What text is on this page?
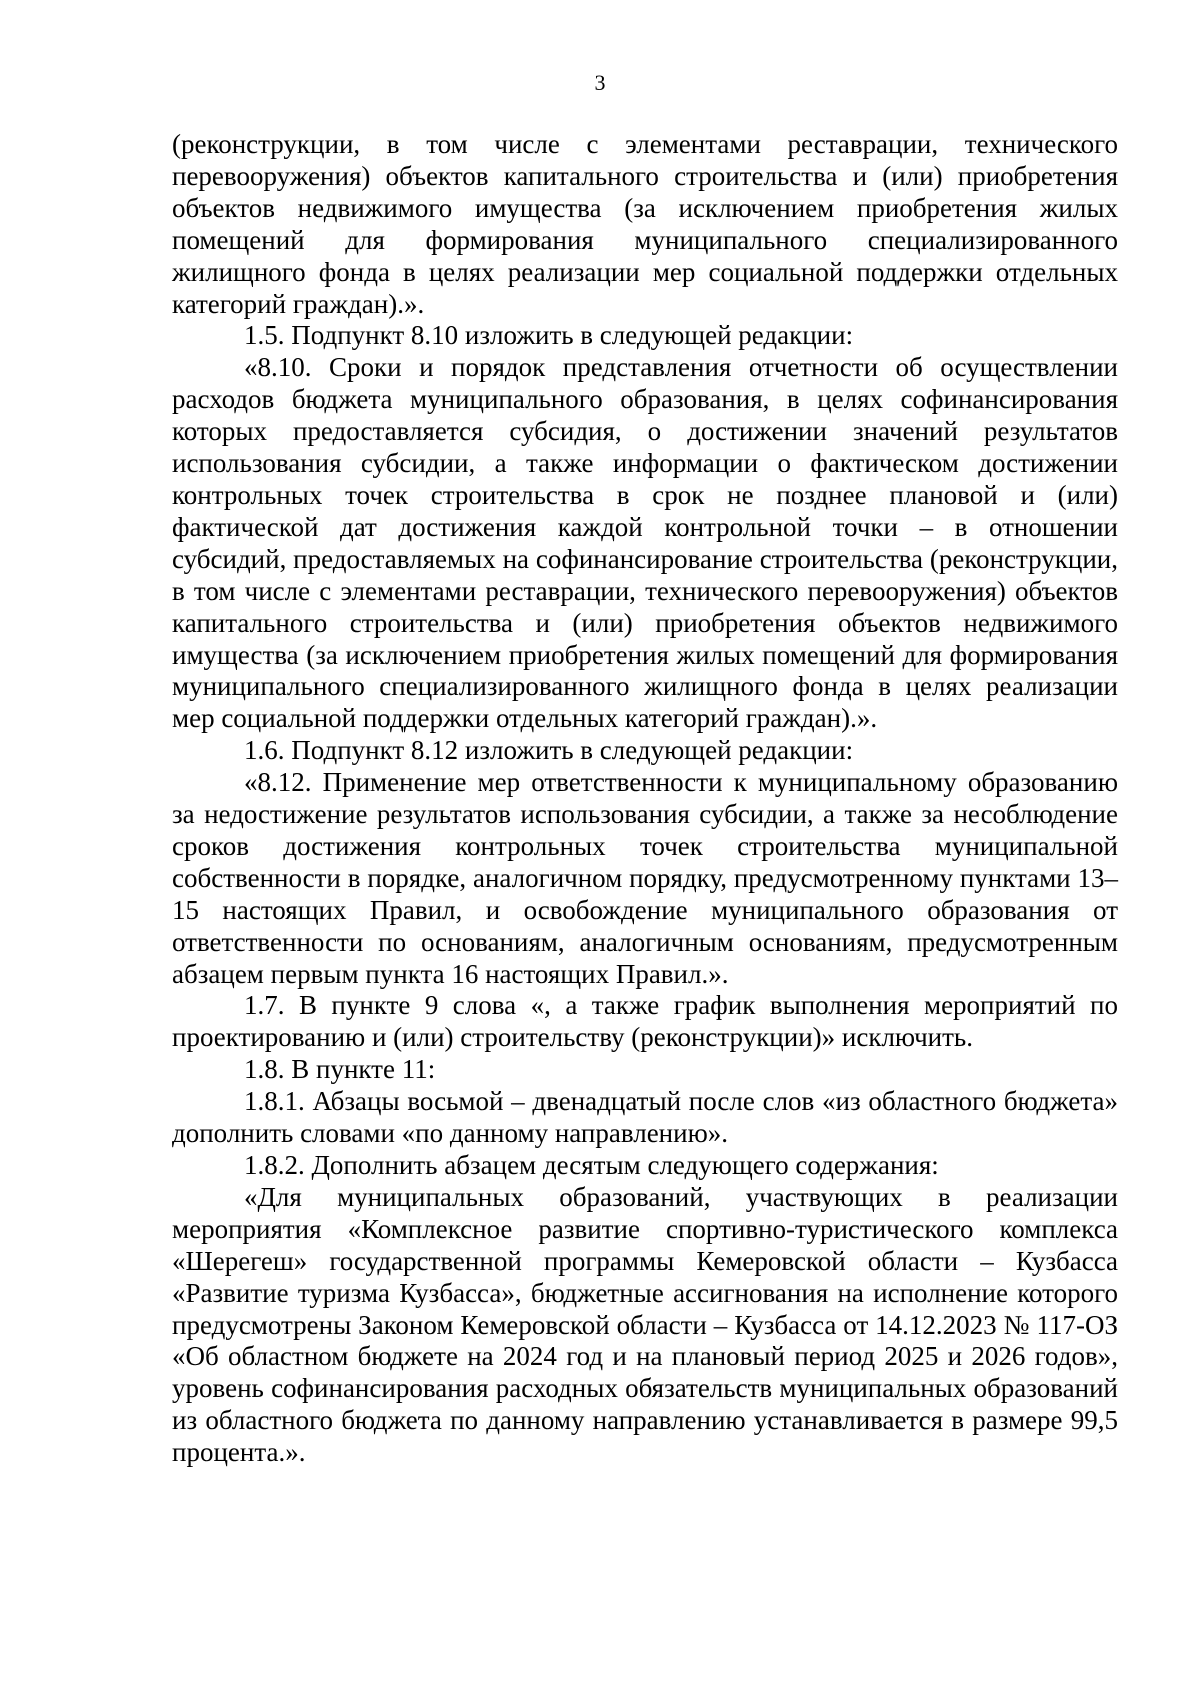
3

(реконструкции, в том числе с элементами реставрации, технического перевооружения) объектов капитального строительства и (или) приобретения объектов недвижимого имущества (за исключением приобретения жилых помещений для формирования муниципального специализированного жилищного фонда в целях реализации мер социальной поддержки отдельных категорий граждан).».

1.5. Подпункт 8.10 изложить в следующей редакции:

«8.10. Сроки и порядок представления отчетности об осуществлении расходов бюджета муниципального образования, в целях софинансирования которых предоставляется субсидия, о достижении значений результатов использования субсидии, а также информации о фактическом достижении контрольных точек строительства в срок не позднее плановой и (или) фактической дат достижения каждой контрольной точки – в отношении субсидий, предоставляемых на софинансирование строительства (реконструкции, в том числе с элементами реставрации, технического перевооружения) объектов капитального строительства и (или) приобретения объектов недвижимого имущества (за исключением приобретения жилых помещений для формирования муниципального специализированного жилищного фонда в целях реализации мер социальной поддержки отдельных категорий граждан).».

1.6. Подпункт 8.12 изложить в следующей редакции:

«8.12. Применение мер ответственности к муниципальному образованию за недостижение результатов использования субсидии, а также за несоблюдение сроков достижения контрольных точек строительства муниципальной собственности в порядке, аналогичном порядку, предусмотренному пунктами 13–15 настоящих Правил, и освобождение муниципального образования от ответственности по основаниям, аналогичным основаниям, предусмотренным абзацем первым пункта 16 настоящих Правил.».

1.7. В пункте 9 слова «, а также график выполнения мероприятий по проектированию и (или) строительству (реконструкции)» исключить.

1.8. В пункте 11:

1.8.1. Абзацы восьмой – двенадцатый после слов «из областного бюджета» дополнить словами «по данному направлению».

1.8.2. Дополнить абзацем десятым следующего содержания:

«Для муниципальных образований, участвующих в реализации мероприятия «Комплексное развитие спортивно-туристического комплекса «Шерегеш» государственной программы Кемеровской области – Кузбасса «Развитие туризма Кузбасса», бюджетные ассигнования на исполнение которого предусмотрены Законом Кемеровской области – Кузбасса от 14.12.2023 № 117-ОЗ «Об областном бюджете на 2024 год и на плановый период 2025 и 2026 годов», уровень софинансирования расходных обязательств муниципальных образований из областного бюджета по данному направлению устанавливается в размере 99,5 процента.».
